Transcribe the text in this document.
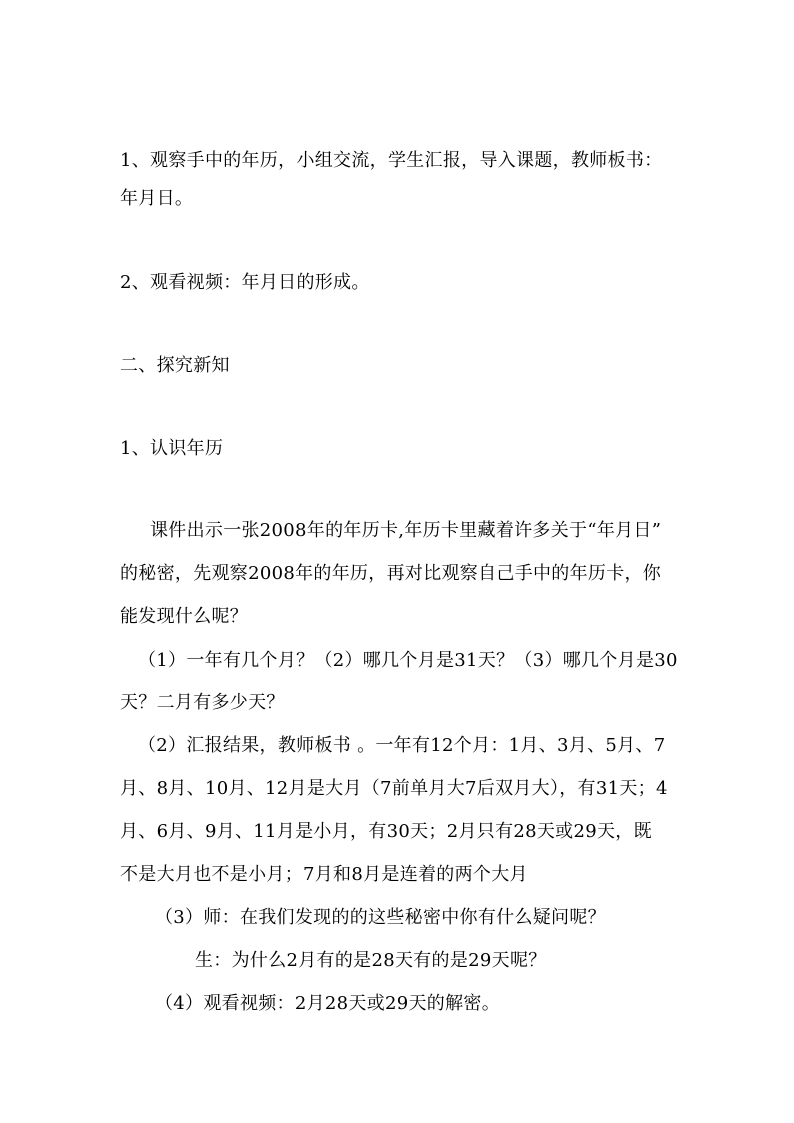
1、观察手中的年历，小组交流，学生汇报，导入课题，教师板书：
年月日。
2、观看视频：年月日的形成。
二、探究新知
1、认识年历
课件出示一张2008年的年历卡,年历卡里藏着许多关于“年月日”
的秘密，先观察2008年的年历，再对比观察自己手中的年历卡，你
能发现什么呢？
（1）一年有几个月？（2）哪几个月是31天？（3）哪几个月是30
天？二月有多少天？
（2）汇报结果，教师板书 。一年有12个月：1月、3月、5月、7
月、8月、10月、12月是大月（7前单月大7后双月大），有31天；4
月、6月、9月、11月是小月，有30天；2月只有28天或29天，既
不是大月也不是小月；7月和8月是连着的两个大月
（3）师：在我们发现的的这些秘密中你有什么疑问呢？
生：为什么2月有的是28天有的是29天呢？
（4）观看视频：2月28天或29天的解密。
